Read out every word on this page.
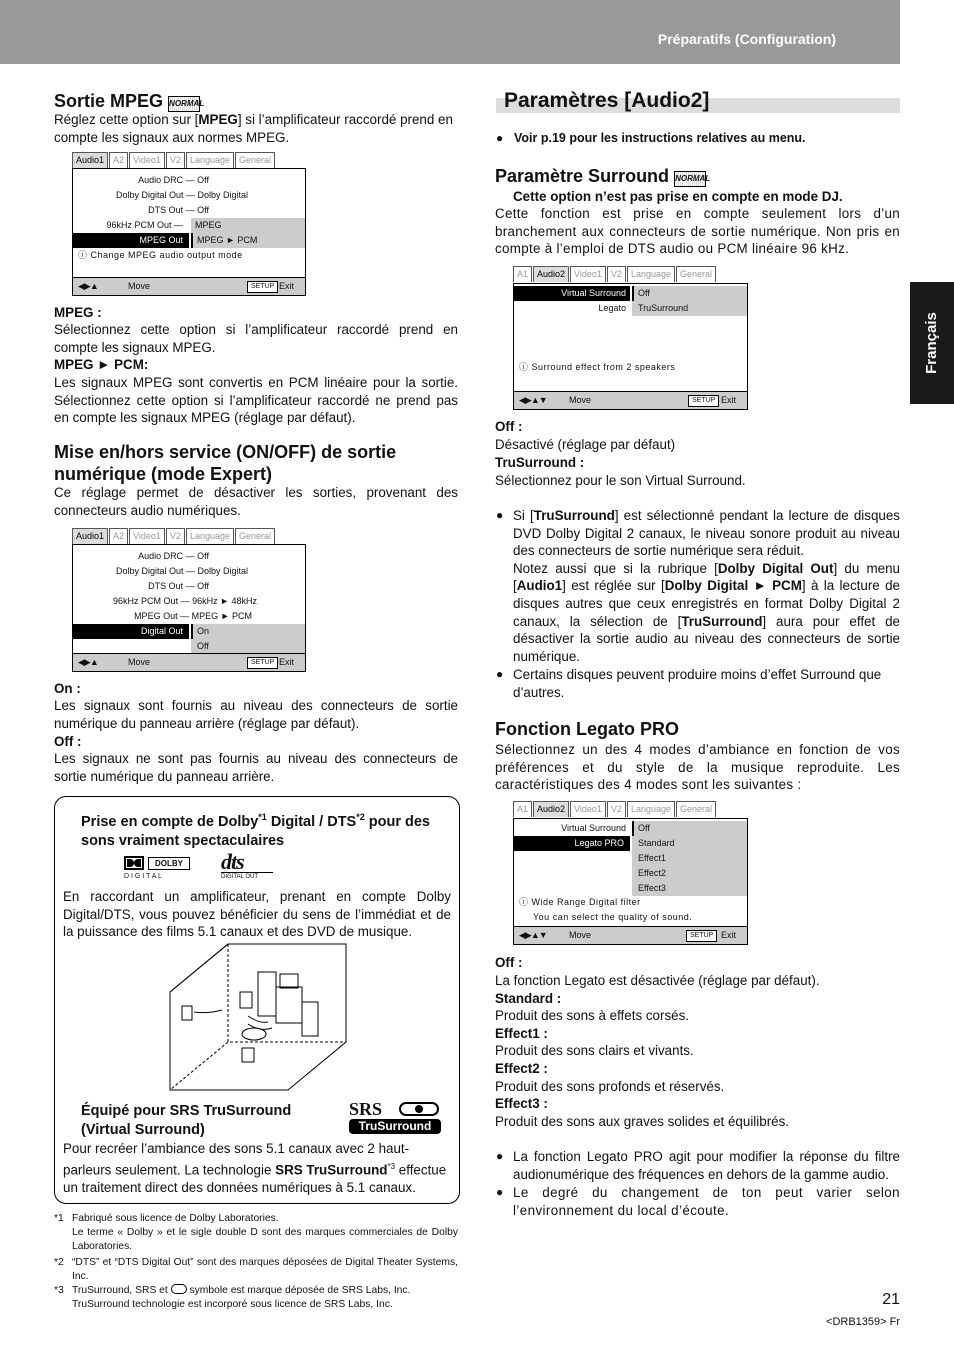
Préparatifs (Configuration)
Français
Sortie MPEG NORMAL

Réglez cette option sur [MPEG] si l’amplificateur raccordé prend en compte les signaux aux normes MPEG.

Audio1	A2	Video1	V2	Language	General
Audio DRC — Off
Dolby Digital Out — Dolby Digital
DTS Out — Off
96kHz PCM Out —	MPEG
MPEG Out	MPEG ► PCM
ⓘ Change MPEG audio output mode
◀▶▲	Move	SETUP Exit

MPEG :

Sélectionnez cette option si l’amplificateur raccordé prend en compte les signaux MPEG.

MPEG ► PCM:

Les signaux MPEG sont convertis en PCM linéaire pour la sortie. Sélectionnez cette option si l’amplificateur raccordé ne prend pas en compte les signaux MPEG (réglage par défaut).

Mise en/hors service (ON/OFF) de sortie numérique (mode Expert)

Ce réglage permet de désactiver les sorties, provenant des connecteurs audio numériques.

Audio1	A2	Video1	V2	Language	General
Audio DRC — Off
Dolby Digital Out — Dolby Digital
DTS Out — Off
96kHz PCM Out — 96kHz ► 48kHz
MPEG Out — MPEG ► PCM
Digital Out	On
Off
◀▶▲	Move	SETUP Exit

On :

Les signaux sont fournis au niveau des connecteurs de sortie numérique du panneau arrière (réglage par défaut).

Off :

Les signaux ne sont pas fournis au niveau des connecteurs de sortie numérique du panneau arrière.

Prise en compte de Dolby$^{*1}$ Digital / DTS$^{*2}$ pour des sons vraiment spectaculaires
DOLBY
D I G I T A L
dts
DIGITAL OUT

En raccordant un amplificateur, prenant en compte Dolby Digital/DTS, vous pouvez bénéficier du sens de l’immédiat et de la puissance des films 5.1 canaux et des DVD de musique.

Équipé pour SRS TruSurround (Virtual Surround)
SRS
TruSurround

Pour recréer l’ambiance des sons 5.1 canaux avec 2 haut-parleurs seulement. La technologie SRS TruSurround$^{*3}$ effectue un traitement direct des données numériques à 5.1 canaux.

*1 Fabriqué sous licence de Dolby Laboratories.
Le terme « Dolby » et le sigle double D sont des marques commerciales de Dolby Laboratories.
*2 “DTS” et “DTS Digital Out” sont des marques déposées de Digital Theater Systems, Inc.
*3 TruSurround, SRS et  symbole est marque déposée de SRS Labs, Inc.
TruSurround technologie est incorporé sous licence de SRS Labs, Inc.
Paramètres [Audio2]
● Voir p.19 pour les instructions relatives au menu.
Paramètre Surround NORMAL

Cette option n’est pas prise en compte en mode DJ.

Cette fonction est prise en compte seulement lors d’un branchement aux connecteurs de sortie numérique. Non pris en compte à l’emploi de DTS audio ou PCM linéaire 96 kHz.

A1	Audio2	Video1	V2	Language	General
Virtual Surround	Off
Legato	TruSurround
ⓘ Surround effect from 2 speakers
◀▶▲▼ Move	SETUP Exit

Off :

Désactivé (réglage par défaut)

TruSurround :

Sélectionnez pour le son Virtual Surround.

● Si [TruSurround] est sélectionné pendant la lecture de disques DVD Dolby Digital 2 canaux, le niveau sonore produit au niveau des connecteurs de sortie numérique sera réduit.
Notez aussi que si la rubrique [Dolby Digital Out] du menu [Audio1] est réglée sur [Dolby Digital ► PCM] à la lecture de disques autres que ceux enregistrés en format Dolby Digital 2 canaux, la sélection de [TruSurround] aura pour effet de désactiver la sortie audio au niveau des connecteurs de sortie numérique.

● Certains disques peuvent produire moins d’effet Surround que d’autres.

Fonction Legato PRO

Sélectionnez un des 4 modes d’ambiance en fonction de vos préférences et du style de la musique reproduite. Les caractéristiques des 4 modes sont les suivantes :

A1	Audio2	Video1	V2	Language	General
Virtual Surround	Off
Legato PRO	Standard
Effect1
Effect2
Effect3
ⓘ Wide Range Digital filter
You can select the quality of sound.
◀▶▲▼ Move	SETUP Exit

Off :

La fonction Legato est désactivée (réglage par défaut).

Standard :

Produit des sons à effets corsés.

Effect1 :

Produit des sons clairs et vivants.

Effect2 :

Produit des sons profonds et réservés.

Effect3 :

Produit des sons aux graves solides et équilibrés.

● La fonction Legato PRO agit pour modifier la réponse du filtre audionumérique des fréquences en dehors de la gamme audio.

● Le degré du changement de ton peut varier selon l’environnement du local d’écoute.

21
<DRB1359> Fr
